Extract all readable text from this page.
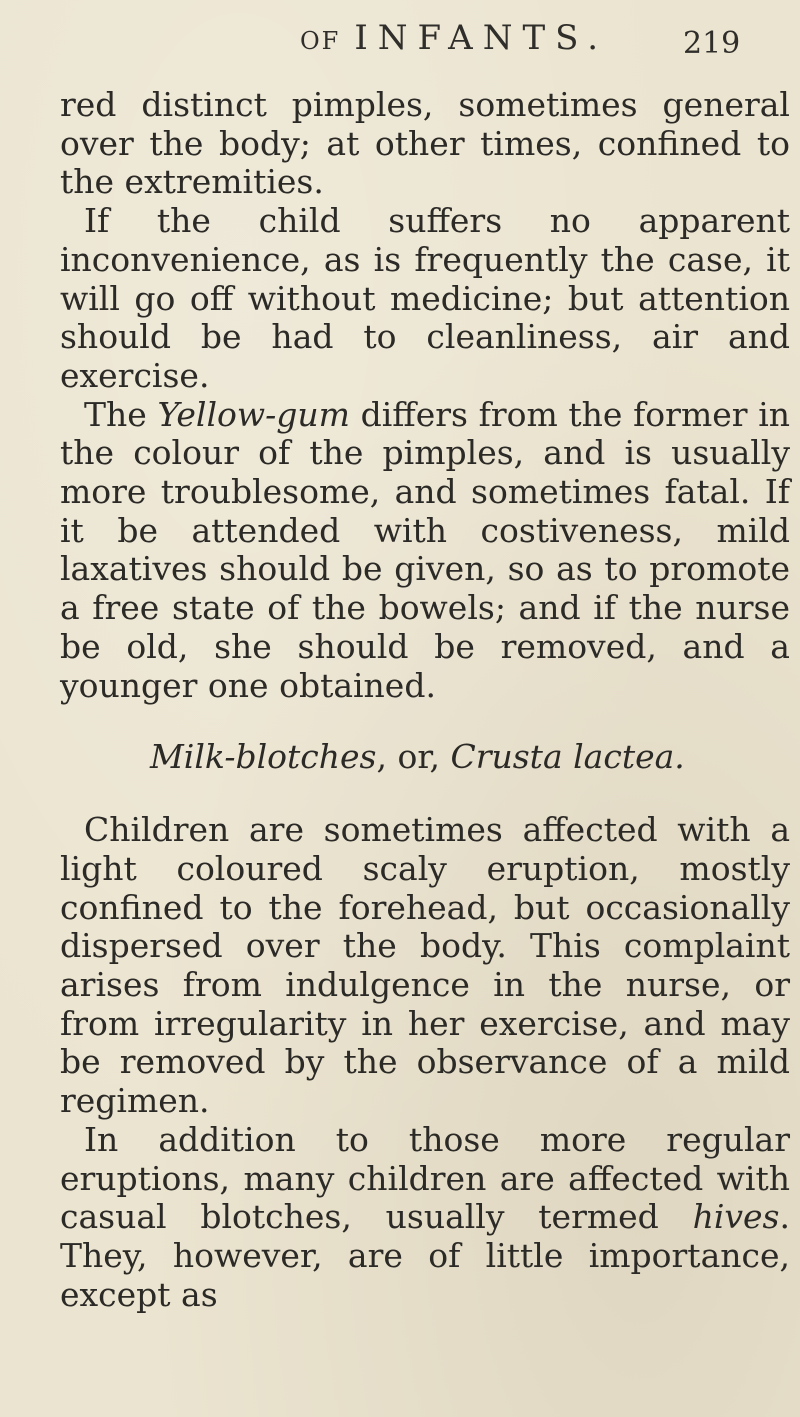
OF INFANTS. 219

red distinct pimples, sometimes general over the body; at other times, confined to the extremities.

If the child suffers no apparent inconvenience, as is frequently the case, it will go off without medicine; but attention should be had to cleanliness, air and exercise.

The Yellow-gum differs from the former in the colour of the pimples, and is usually more troublesome, and sometimes fatal. If it be attended with costiveness, mild laxatives should be given, so as to promote a free state of the bowels; and if the nurse be old, she should be removed, and a younger one obtained.

Milk-blotches, or, Crusta lactea.

Children are sometimes affected with a light coloured scaly eruption, mostly confined to the forehead, but occasionally dispersed over the body. This complaint arises from indulgence in the nurse, or from irregularity in her exercise, and may be removed by the observance of a mild regimen.

In addition to those more regular eruptions, many children are affected with casual blotches, usually termed hives. They, however, are of little importance, except as
